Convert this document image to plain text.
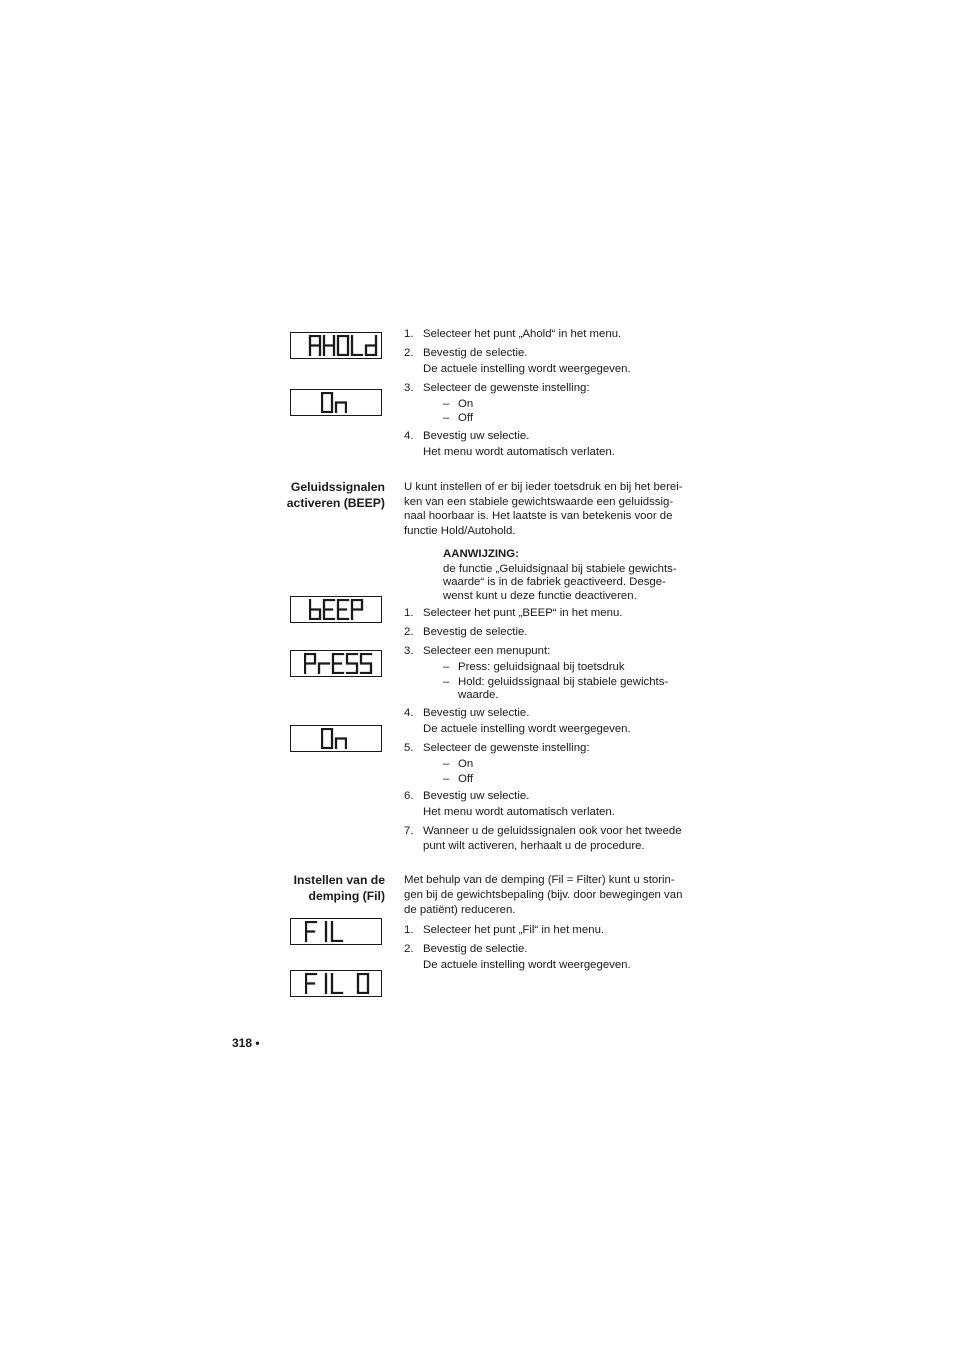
1. Selecteer het punt „Ahold“ in het menu.
2. Bevestig de selectie.
De actuele instelling wordt weergegeven.
3. Selecteer de gewenste instelling:
– On
– Off
4. Bevestig uw selectie.
Het menu wordt automatisch verlaten.
Geluidssignalen
activeren (BEEP)
U kunt instellen of er bij ieder toetsdruk en bij het berei-
ken van een stabiele gewichtswaarde een geluidssig-
naal hoorbaar is. Het laatste is van betekenis voor de
functie Hold/Autohold.
AANWIJZING:
de functie „Geluidsignaal bij stabiele gewichts-
waarde“ is in de fabriek geactiveerd. Desge-
wenst kunt u deze functie deactiveren.
1. Selecteer het punt „BEEP“ in het menu.
2. Bevestig de selectie.
3. Selecteer een menupunt:
– Press: geluidsignaal bij toetsdruk
– Hold: geluidssignaal bij stabiele gewichts-
waarde.
4. Bevestig uw selectie.
De actuele instelling wordt weergegeven.
5. Selecteer de gewenste instelling:
– On
– Off
6. Bevestig uw selectie.
Het menu wordt automatisch verlaten.
7. Wanneer u de geluidssignalen ook voor het tweede
punt wilt activeren, herhaalt u de procedure.
Instellen van de
demping (Fil)
Met behulp van de demping (Fil = Filter) kunt u storin-
gen bij de gewichtsbepaling (bijv. door bewegingen van
de patiënt) reduceren.
1. Selecteer het punt „Fil“ in het menu.
2. Bevestig de selectie.
De actuele instelling wordt weergegeven.
318 •
